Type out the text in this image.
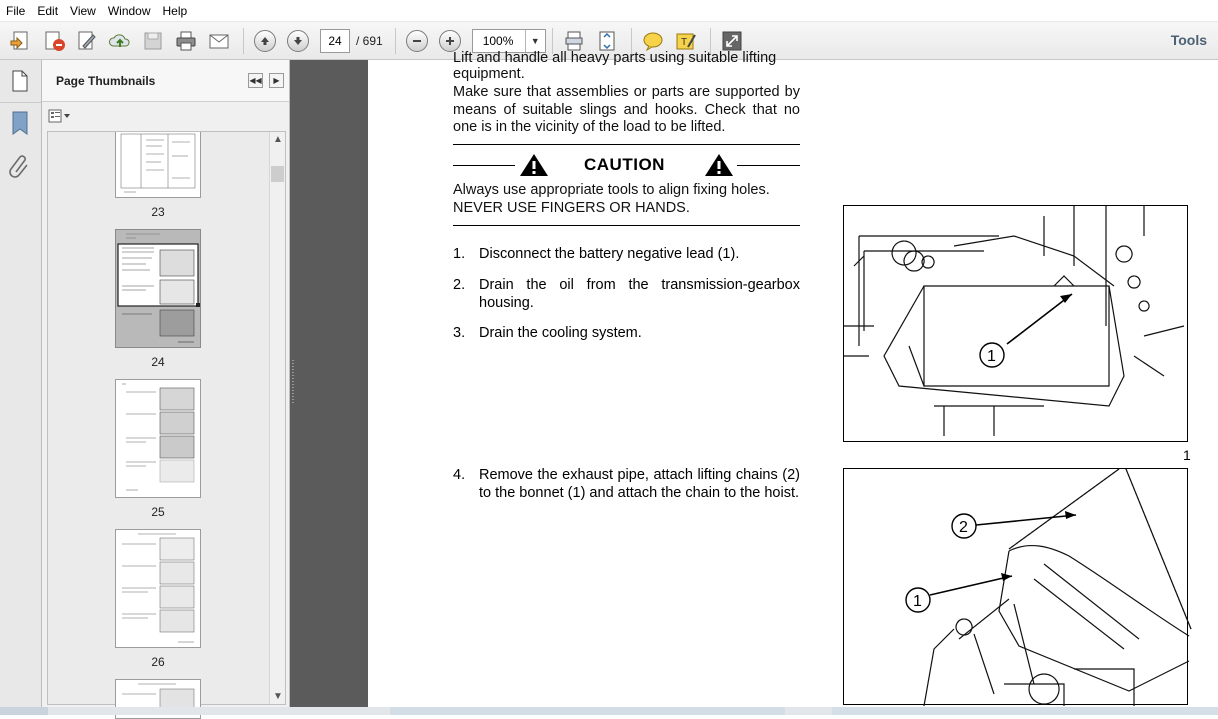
File	Edit	View	Window	Help
24	/ 691	100%	▼	T	Tools
Page Thumbnails	◀◀ ▶
23
24
25
26
▲
▼
Lift and handle all heavy parts using suitable lifting
equipment.
Make sure that assemblies or parts are supported by means of suitable slings and hooks. Check that no one is in the vicinity of the load to be lifted.
CAUTION
Always use appropriate tools to align fixing holes.
NEVER USE FINGERS OR HANDS.
1. Disconnect the battery negative lead (1).
2. Drain the oil from the transmission-gearbox housing.
3. Drain the cooling system.
4. Remove the exhaust pipe, attach lifting chains (2) to the bonnet (1) and attach the chain to the hoist.
1
1
2
1
